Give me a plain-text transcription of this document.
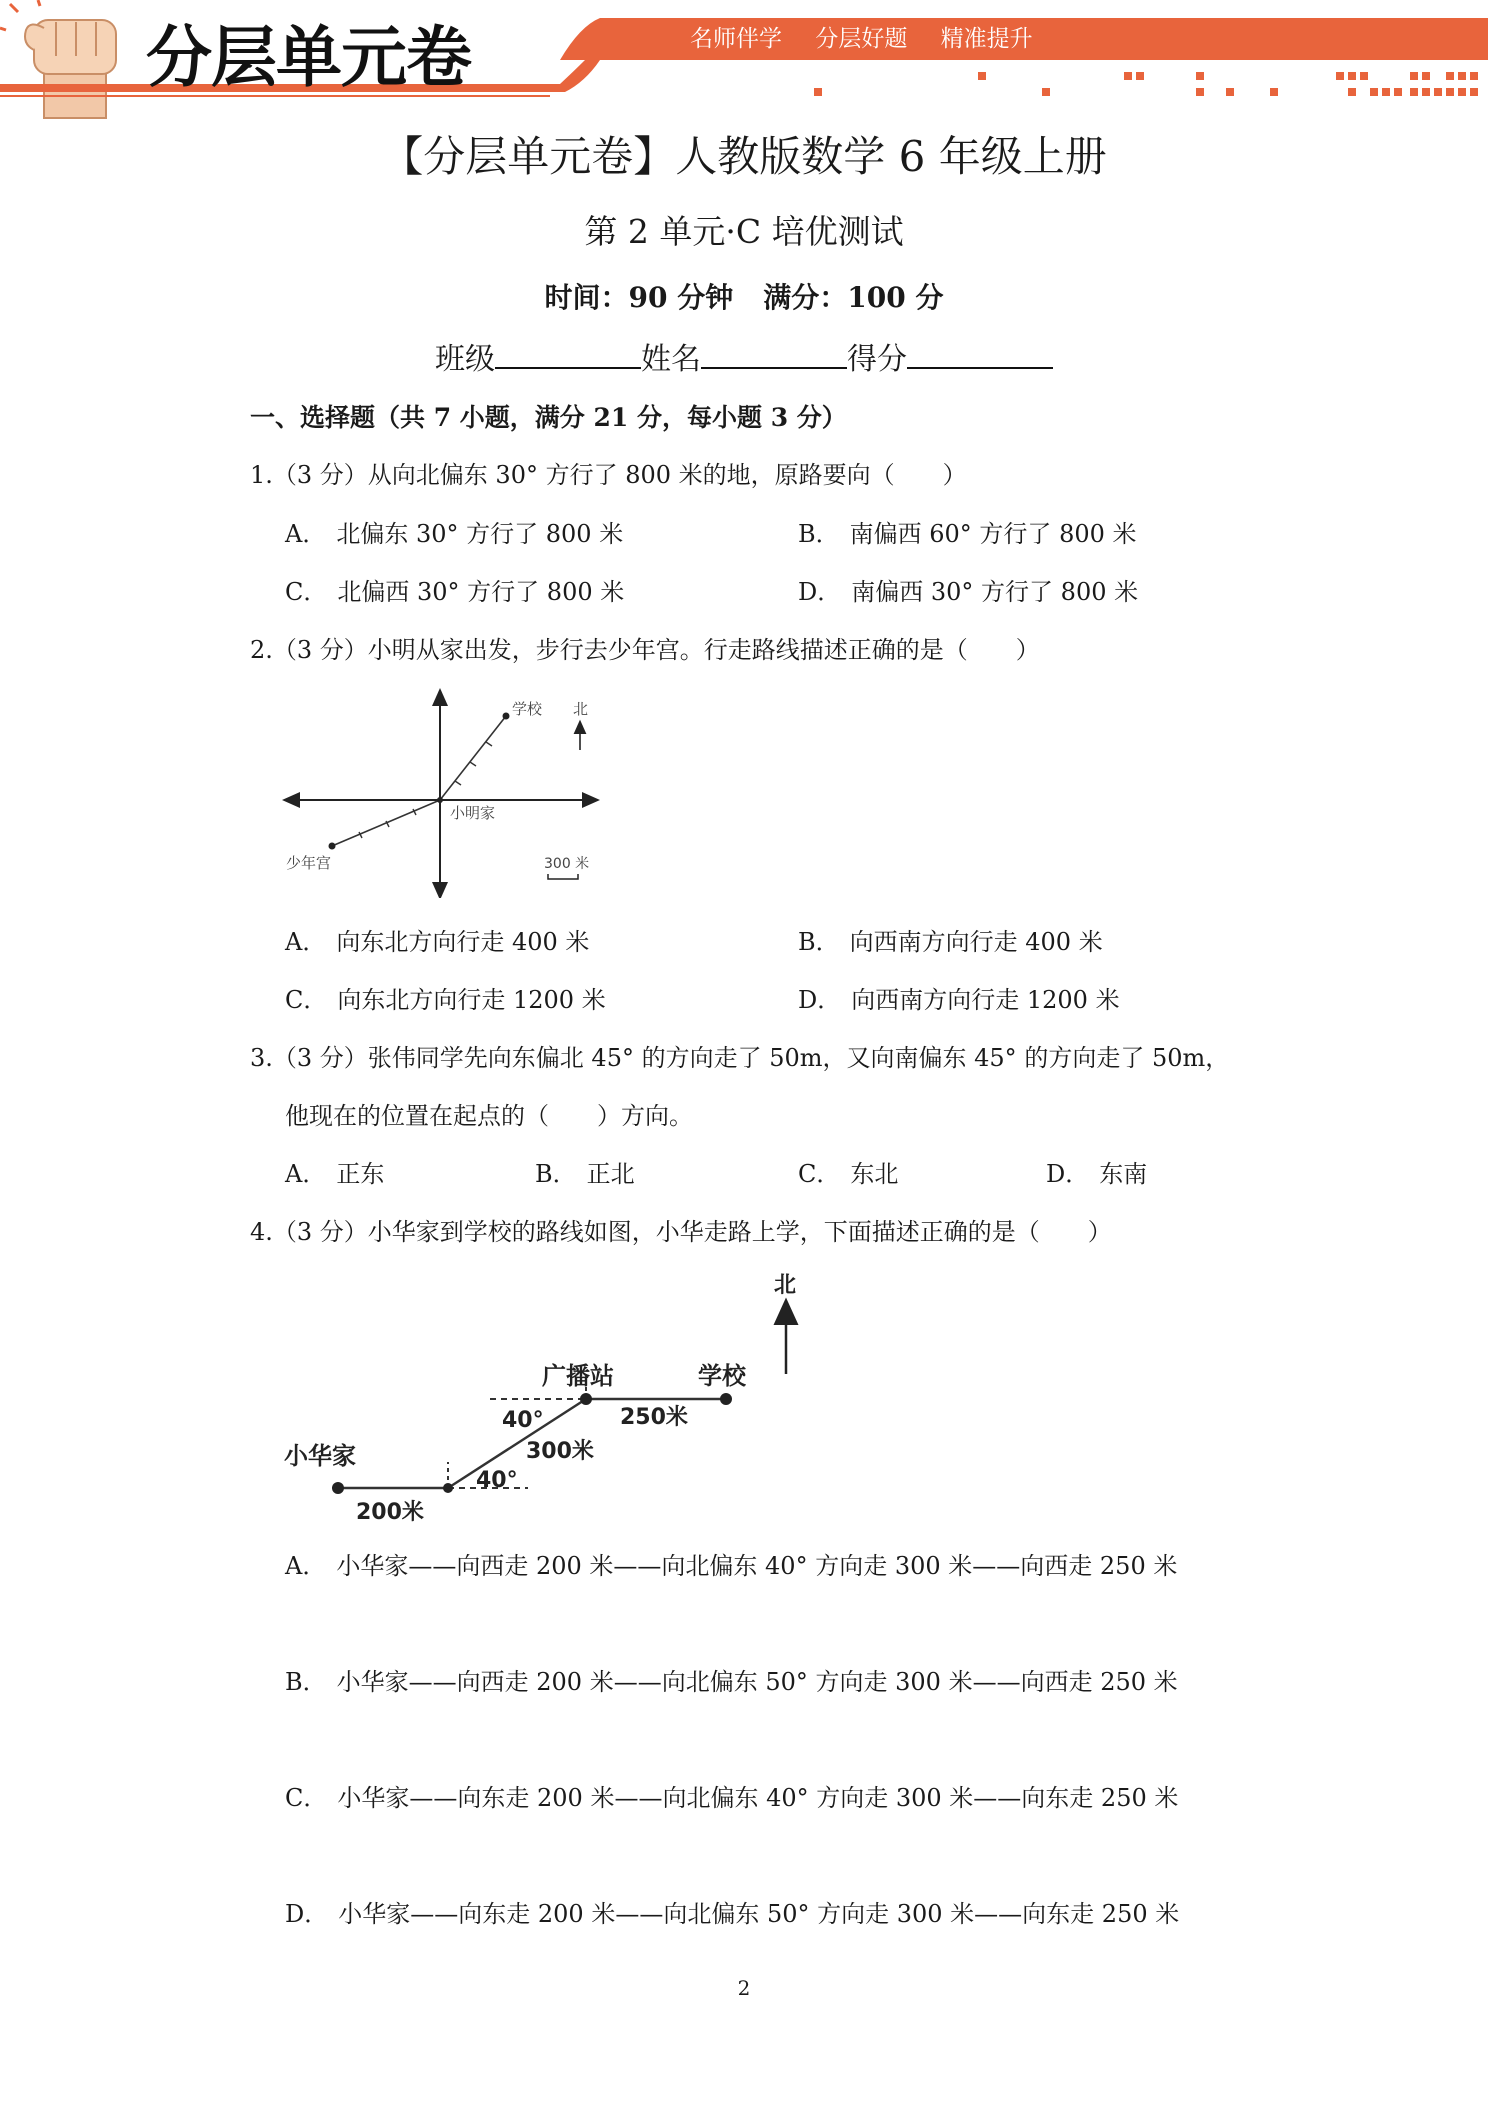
分层单元卷	名师伴学 分层好题 精准提升
【分层单元卷】人教版数学 6 年级上册
第 2 单元·C 培优测试
时间：90 分钟 满分：100 分
班级	姓名	得分
一、选择题（共 7 小题，满分 21 分，每小题 3 分）
1.（3 分）从向北偏东 30° 方行了 800 米的地，原路要向（　　）
A． 北偏东 30° 方行了 800 米	B． 南偏西 60° 方行了 800 米
C． 北偏西 30° 方行了 800 米	D． 南偏西 30° 方行了 800 米
2.（3 分）小明从家出发，步行去少年宫。行走路线描述正确的是（　　）
学校
小明家
少年宫
北
300 米
A． 向东北方向行走 400 米	B． 向西南方向行走 400 米
C． 向东北方向行走 1200 米	D． 向西南方向行走 1200 米
3.（3 分）张伟同学先向东偏北 45° 的方向走了 50m，又向南偏东 45° 的方向走了 50m，
他现在的位置在起点的（　　）方向。
A． 正东	B． 正北	C． 东北	D． 东南
4.（3 分）小华家到学校的路线如图，小华走路上学，下面描述正确的是（　　）
北
广播站	学校
小华家
40°
40°
200米
300米
250米
A． 小华家——向西走 200 米——向北偏东 40° 方向走 300 米——向西走 250 米
B． 小华家——向西走 200 米——向北偏东 50° 方向走 300 米——向西走 250 米
C． 小华家——向东走 200 米——向北偏东 40° 方向走 300 米——向东走 250 米
D． 小华家——向东走 200 米——向北偏东 50° 方向走 300 米——向东走 250 米
2
